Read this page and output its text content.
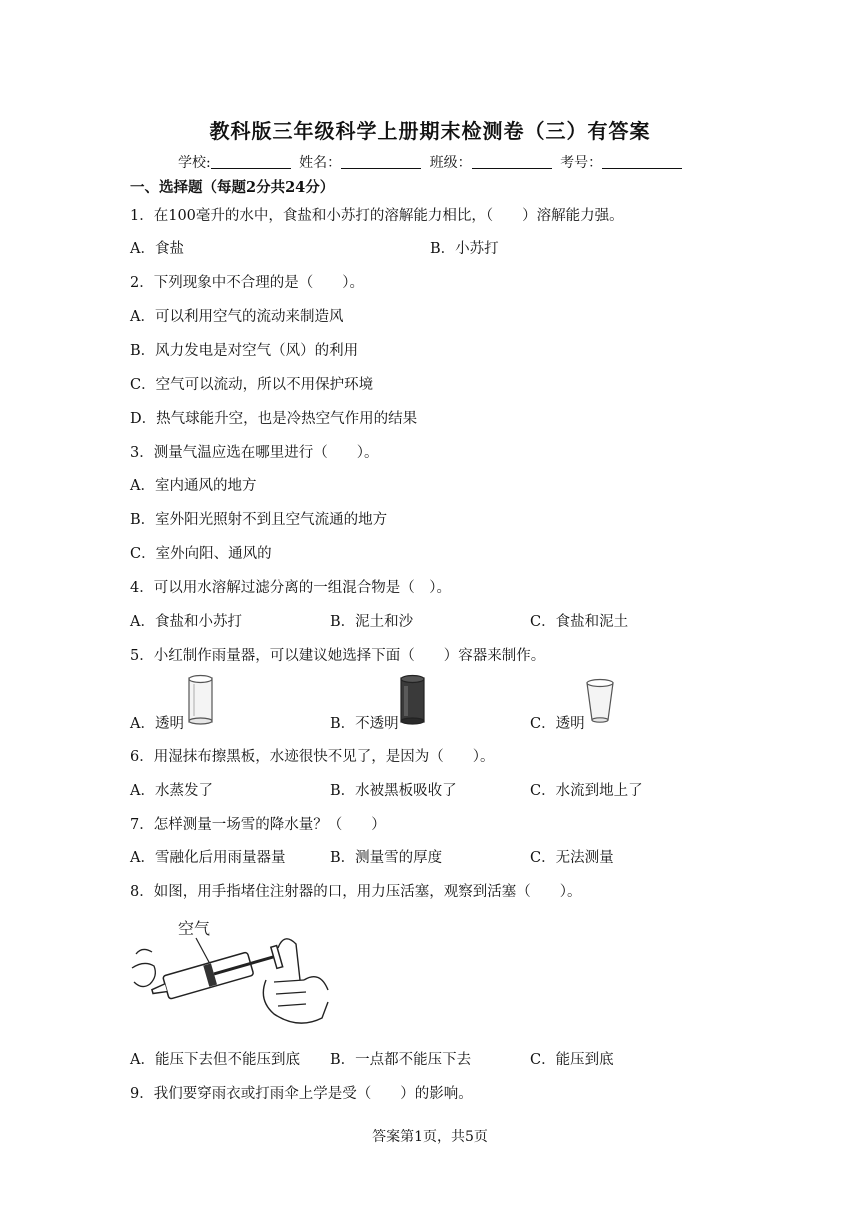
教科版三年级科学上册期末检测卷（三）有答案
学校:	姓名：	班级：	考号：
一、选择题（每题2分共24分）
1．在100毫升的水中，食盐和小苏打的溶解能力相比，（　　）溶解能力强。
A．食盐	B．小苏打
2．下列现象中不合理的是（　　）。
A．可以利用空气的流动来制造风
B．风力发电是对空气（风）的利用
C．空气可以流动，所以不用保护环境
D．热气球能升空，也是冷热空气作用的结果
3．测量气温应选在哪里进行（　　）。
A．室内通风的地方
B．室外阳光照射不到且空气流通的地方
C．室外向阳、通风的
4．可以用水溶解过滤分离的一组混合物是（　）。
A．食盐和小苏打	B．泥土和沙	C．食盐和泥土
5．小红制作雨量器，可以建议她选择下面（　　）容器来制作。
A．透明	B．不透明	C．透明
6．用湿抹布擦黑板，水迹很快不见了，是因为（　　）。
A．水蒸发了	B．水被黑板吸收了	C．水流到地上了
7．怎样测量一场雪的降水量？（　　）
A．雪融化后用雨量器量	B．测量雪的厚度	C．无法测量
8．如图，用手指堵住注射器的口，用力压活塞，观察到活塞（　　）。
空气
A．能压下去但不能压到底 B．一点都不能压下去	C．能压到底
9．我们要穿雨衣或打雨伞上学是受（　　）的影响。
答案第1页，共5页
